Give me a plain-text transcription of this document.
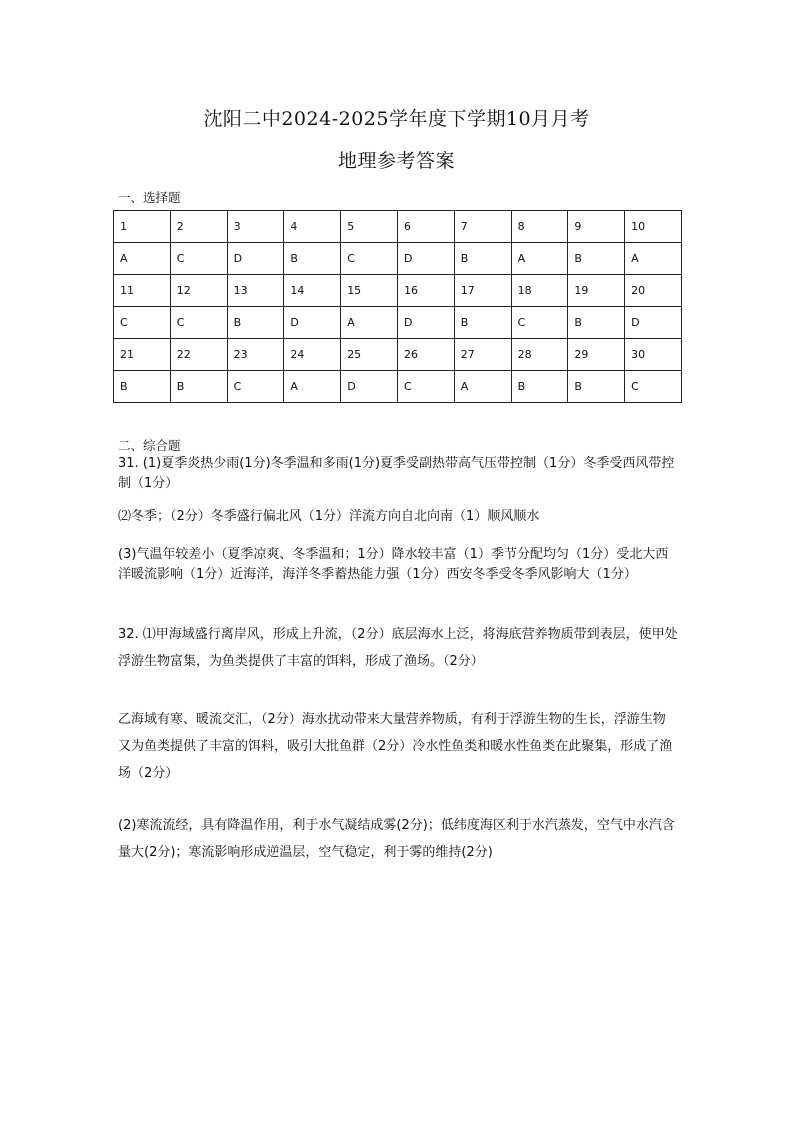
沈阳二中2024-2025学年度下学期10月月考
地理参考答案
一、选择题
1	2	3	4	5	6	7	8	9	10
A	C	D	B	C	D	B	A	B	A
11	12	13	14	15	16	17	18	19	20
C	C	B	D	A	D	B	C	B	D
21	22	23	24	25	26	27	28	29	30
B	B	C	A	D	C	A	B	B	C
二、综合题
31. (1)夏季炎热少雨(1分)冬季温和多雨(1分)夏季受副热带高气压带控制（1分）冬季受西风带控制（1分）
⑵冬季；（2分）冬季盛行偏北风（1分）洋流方向自北向南（1）顺风顺水
(3)气温年较差小（夏季凉爽、冬季温和；1分）降水较丰富（1）季节分配均匀（1分）受北大西洋暖流影响（1分）近海洋，海洋冬季蓄热能力强（1分）西安冬季受冬季风影响大（1分）
32. ⑴甲海域盛行离岸风，形成上升流，（2分）底层海水上泛，将海底营养物质带到表层，使甲处浮游生物富集，为鱼类提供了丰富的饵料，形成了渔场。（2分）
乙海域有寒、暖流交汇，（2分）海水扰动带来大量营养物质，有利于浮游生物的生长，浮游生物又为鱼类提供了丰富的饵料，吸引大批鱼群（2分）冷水性鱼类和暖水性鱼类在此聚集，形成了渔场（2分）
(2)寒流流经，具有降温作用，利于水气凝结成雾(2分)；低纬度海区利于水汽蒸发，空气中水汽含量大(2分)；寒流影响形成逆温层，空气稳定，利于雾的维持(2分)
